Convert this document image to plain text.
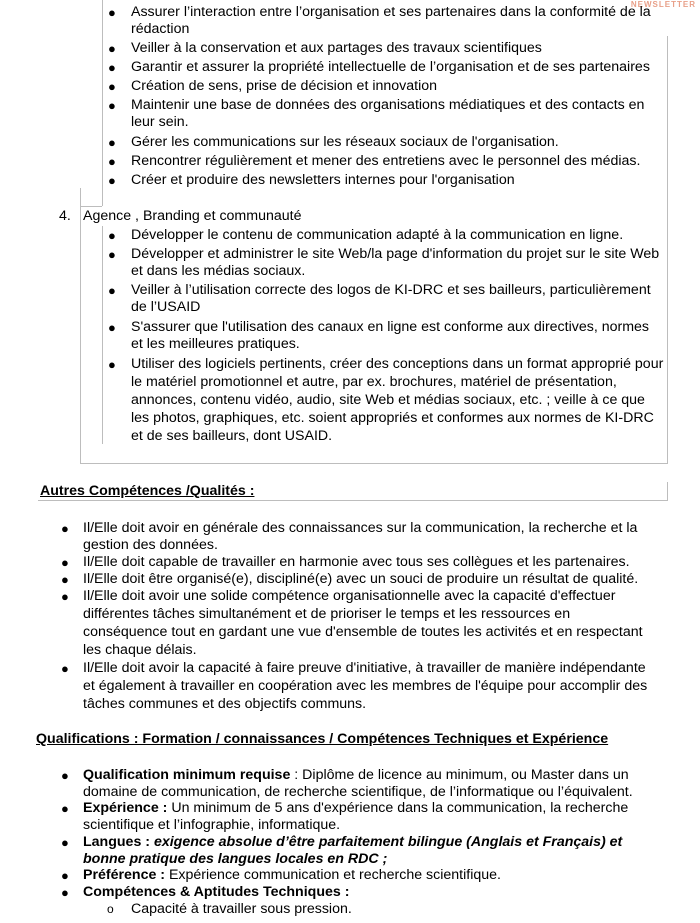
NEWSLETTER
● Assurer l’interaction entre l’organisation et ses partenaires dans la conformité de la
rédaction
● Veiller à la conservation et aux partages des travaux scientifiques
● Garantir et assurer la propriété intellectuelle de l’organisation et de ses partenaires
● Création de sens, prise de décision et innovation
● Maintenir une base de données des organisations médiatiques et des contacts en
leur sein.
● Gérer les communications sur les réseaux sociaux de l'organisation.
● Rencontrer régulièrement et mener des entretiens avec le personnel des médias.
● Créer et produire des newsletters internes pour l'organisation
4. Agence , Branding et communauté
● Développer le contenu de communication adapté à la communication en ligne.
● Développer et administrer le site Web/la page d'information du projet sur le site Web
et dans les médias sociaux.
● Veiller à l’utilisation correcte des logos de KI-DRC et ses bailleurs, particulièrement
de l’USAID
● S'assurer que l'utilisation des canaux en ligne est conforme aux directives, normes
et les meilleures pratiques.
● Utiliser des logiciels pertinents, créer des conceptions dans un format approprié pour
le matériel promotionnel et autre, par ex. brochures, matériel de présentation,
annonces, contenu vidéo, audio, site Web et médias sociaux, etc. ; veille à ce que
les photos, graphiques, etc. soient appropriés et conformes aux normes de KI-DRC
et de ses bailleurs, dont USAID.
Autres Compétences /Qualités :
● Il/Elle doit avoir en générale des connaissances sur la communication, la recherche et la
gestion des données.
● Il/Elle doit capable de travailler en harmonie avec tous ses collègues et les partenaires.
● Il/Elle doit être organisé(e), discipliné(e) avec un souci de produire un résultat de qualité.
● Il/Elle doit avoir une solide compétence organisationnelle avec la capacité d'effectuer
différentes tâches simultanément et de prioriser le temps et les ressources en
conséquence tout en gardant une vue d'ensemble de toutes les activités et en respectant
les chaque délais.
● Il/Elle doit avoir la capacité à faire preuve d'initiative, à travailler de manière indépendante
et également à travailler en coopération avec les membres de l'équipe pour accomplir des
tâches communes et des objectifs communs.
Qualifications : Formation / connaissances / Compétences Techniques et Expérience
● Qualification minimum requise : Diplôme de licence au minimum, ou Master dans un
domaine de communication, de recherche scientifique, de l’informatique ou l’équivalent.
● Expérience : Un minimum de 5 ans d'expérience dans la communication, la recherche
scientifique et l’infographie, informatique.
● Langues : exigence absolue d’être parfaitement bilingue (Anglais et Français) et
bonne pratique des langues locales en RDC ;
● Préférence : Expérience communication et recherche scientifique.
● Compétences & Aptitudes Techniques :
o Capacité à travailler sous pression.
